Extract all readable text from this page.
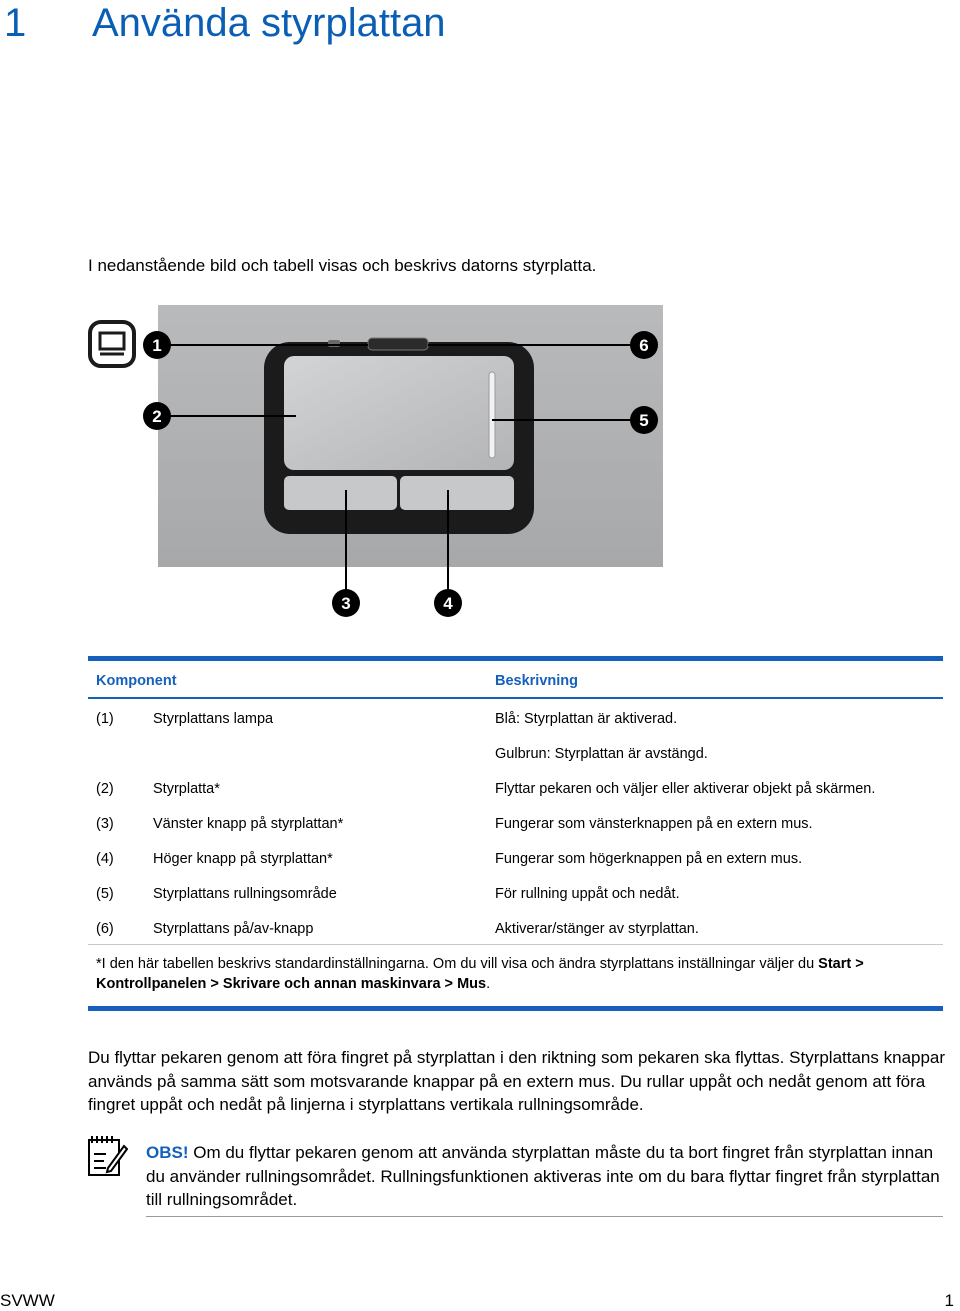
1 Använda styrplattan
I nedanstående bild och tabell visas och beskrivs datorns styrplatta.
1
2
3	4
5
6
Komponent	Beskrivning
(1)	Styrplattans lampa	Blå: Styrplattan är aktiverad.
Gulbrun: Styrplattan är avstängd.
(2)	Styrplatta*	Flyttar pekaren och väljer eller aktiverar objekt på skärmen.
(3)	Vänster knapp på styrplattan*	Fungerar som vänsterknappen på en extern mus.
(4)	Höger knapp på styrplattan*	Fungerar som högerknappen på en extern mus.
(5)	Styrplattans rullningsområde	För rullning uppåt och nedåt.
(6)	Styrplattans på/av-knapp	Aktiverar/stänger av styrplattan.
*I den här tabellen beskrivs standardinställningarna. Om du vill visa och ändra styrplattans inställningar väljer du Start > Kontrollpanelen > Skrivare och annan maskinvara > Mus.
Du flyttar pekaren genom att föra fingret på styrplattan i den riktning som pekaren ska flyttas. Styrplattans knappar används på samma sätt som motsvarande knappar på en extern mus. Du rullar uppåt och nedåt genom att föra fingret uppåt och nedåt på linjerna i styrplattans vertikala rullningsområde.
OBS! Om du flyttar pekaren genom att använda styrplattan måste du ta bort fingret från styrplattan innan du använder rullningsområdet. Rullningsfunktionen aktiveras inte om du bara flyttar fingret från styrplattan till rullningsområdet.
SVWW	1
